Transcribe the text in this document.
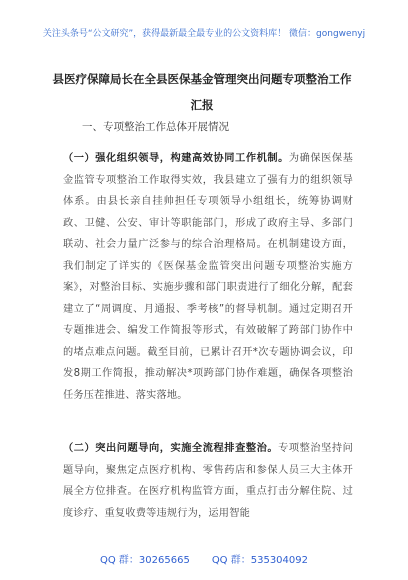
关注头条号“公文研究”，获得最新最全最专业的公文资料库！ 微信：gongwenyj
县医疗保障局长在全县医保基金管理突出问题专项整治工作汇报
一、专项整治工作总体开展情况
（一）强化组织领导，构建高效协同工作机制。为确保医保基金监管专项整治工作取得实效，我县建立了强有力的组织领导体系。由县长亲自挂帅担任专项领导小组组长，统筹协调财政、卫健、公安、审计等职能部门，形成了政府主导、多部门联动、社会力量广泛参与的综合治理格局。在机制建设方面，我们制定了详实的《医保基金监管突出问题专项整治实施方案》，对整治目标、实施步骤和部门职责进行了细化分解，配套建立了“周调度、月通报、季考核”的督导机制。通过定期召开专题推进会、编发工作简报等形式，有效破解了跨部门协作中的堵点难点问题。截至目前，已累计召开*次专题协调会议，印发8期工作简报，推动解决*项跨部门协作难题，确保各项整治任务压茬推进、落实落地。
（二）突出问题导向，实施全流程排查整治。专项整治坚持问题导向，聚焦定点医疗机构、零售药店和参保人员三大主体开展全方位排查。在医疗机构监管方面，重点打击分解住院、过度诊疗、重复收费等违规行为，运用智能
QQ 群：30265665 QQ 群：535304092
